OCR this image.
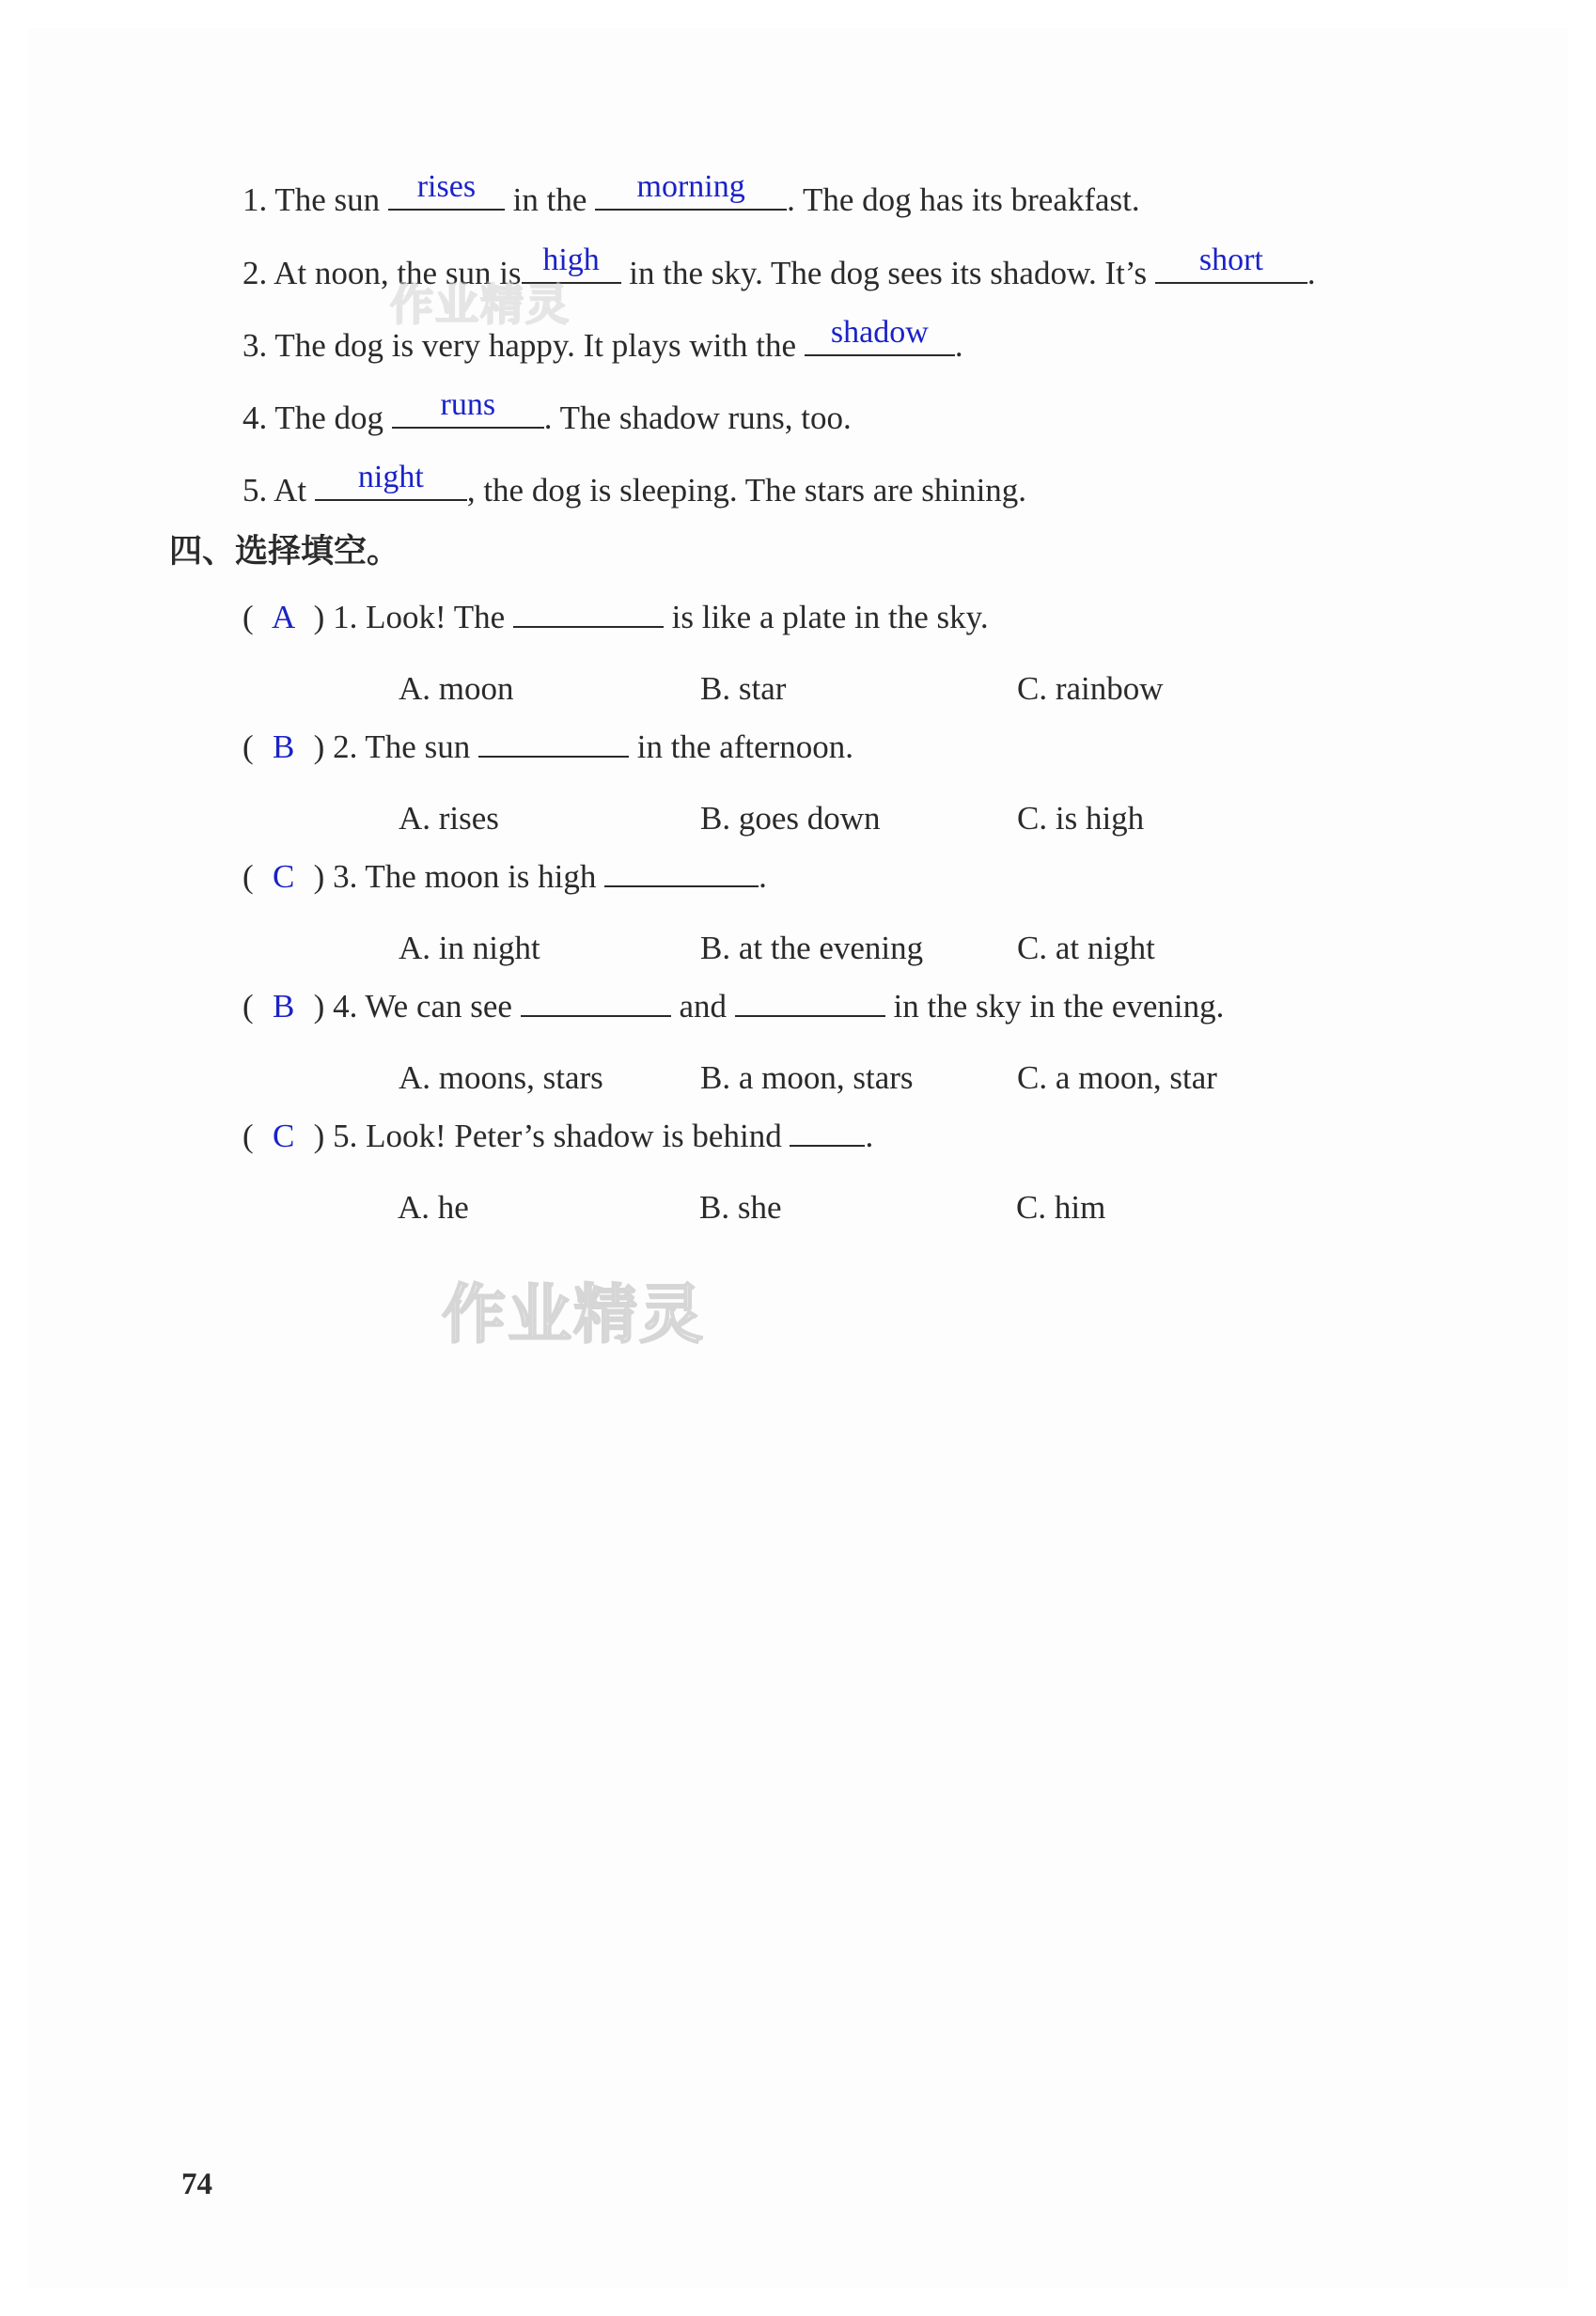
1. The sun rises in the	morning	. The dog has its breakfast.
2. At noon, the sun is high in the sky. The dog sees its shadow. It’s	short	.
3. The dog is very happy. It plays with the shadow .
4. The dog	runs	. The shadow runs, too.
5. At	night	, the dog is sleeping. The stars are shining.
四、选择填空。
( A ) 1. Look! The	is like a plate in the sky.
A. moon	B. star	C. rainbow
( B ) 2. The sun	in the afternoon.
A. rises	B. goes down	C. is high
( C ) 3. The moon is high	.
A. in night	B. at the evening	C. at night
( B ) 4. We can see	and	in the sky in the evening.
A. moons, stars	B. a moon, stars	C. a moon, star
( C ) 5. Look! Peter’s shadow is behind .
A. he	B. she	C. him
作业精灵
作业精灵
74
